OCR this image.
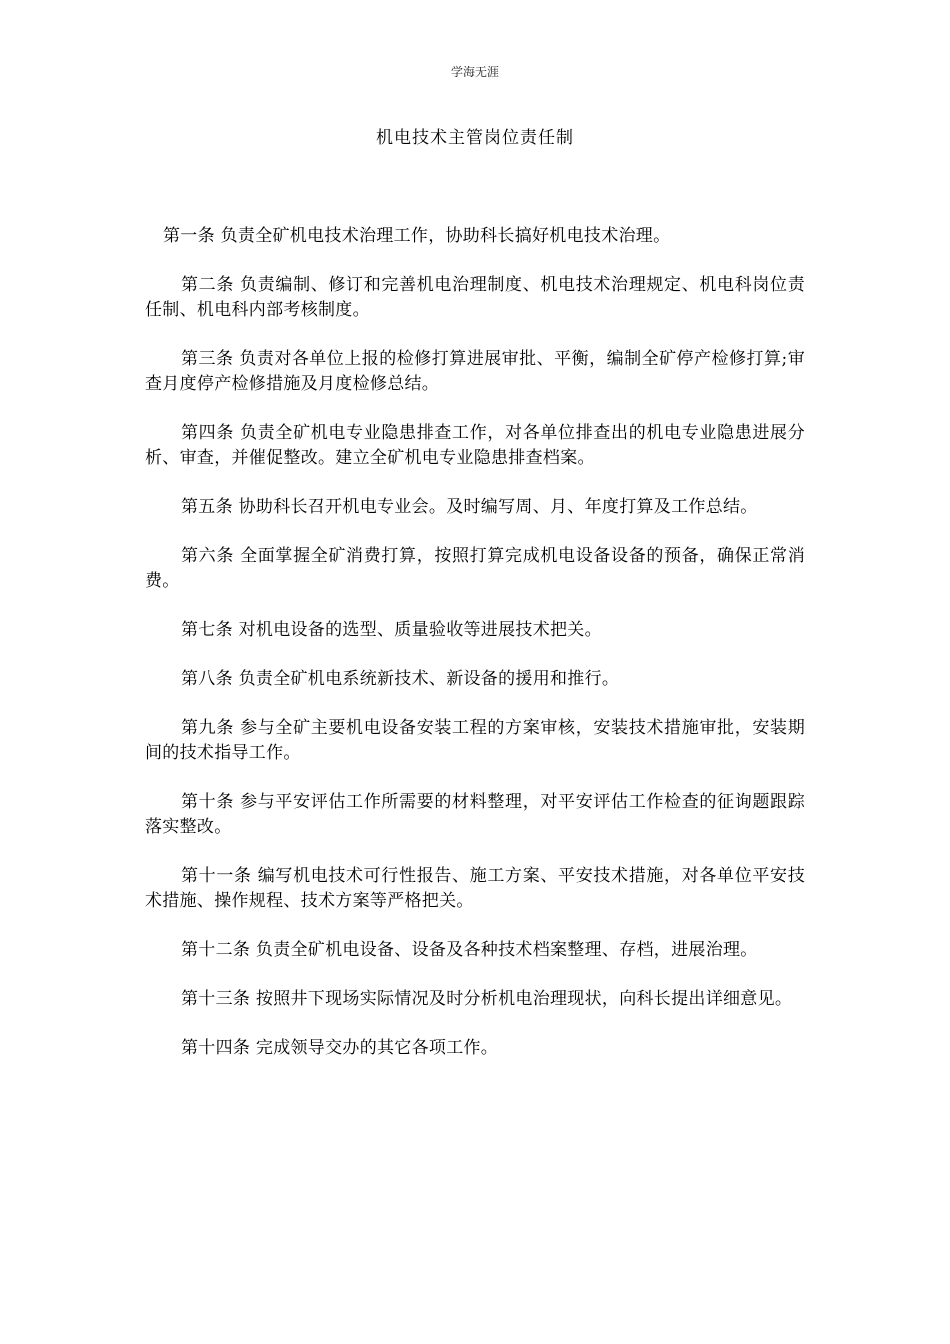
学海无涯
机电技术主管岗位责任制

第一条 负责全矿机电技术治理工作，协助科长搞好机电技术治理。

第二条 负责编制、修订和完善机电治理制度、机电技术治理规定、机电科岗位责任制、机电科内部考核制度。

第三条 负责对各单位上报的检修打算进展审批、平衡，编制全矿停产检修打算;审查月度停产检修措施及月度检修总结。

第四条 负责全矿机电专业隐患排查工作，对各单位排查出的机电专业隐患进展分析、审查，并催促整改。建立全矿机电专业隐患排查档案。

第五条 协助科长召开机电专业会。及时编写周、月、年度打算及工作总结。

第六条 全面掌握全矿消费打算，按照打算完成机电设备设备的预备，确保正常消费。

第七条 对机电设备的选型、质量验收等进展技术把关。

第八条 负责全矿机电系统新技术、新设备的援用和推行。

第九条 参与全矿主要机电设备安装工程的方案审核，安装技术措施审批，安装期间的技术指导工作。

第十条 参与平安评估工作所需要的材料整理，对平安评估工作检查的征询题跟踪落实整改。

第十一条 编写机电技术可行性报告、施工方案、平安技术措施，对各单位平安技术措施、操作规程、技术方案等严格把关。

第十二条 负责全矿机电设备、设备及各种技术档案整理、存档，进展治理。

第十三条 按照井下现场实际情况及时分析机电治理现状，向科长提出详细意见。

第十四条 完成领导交办的其它各项工作。
